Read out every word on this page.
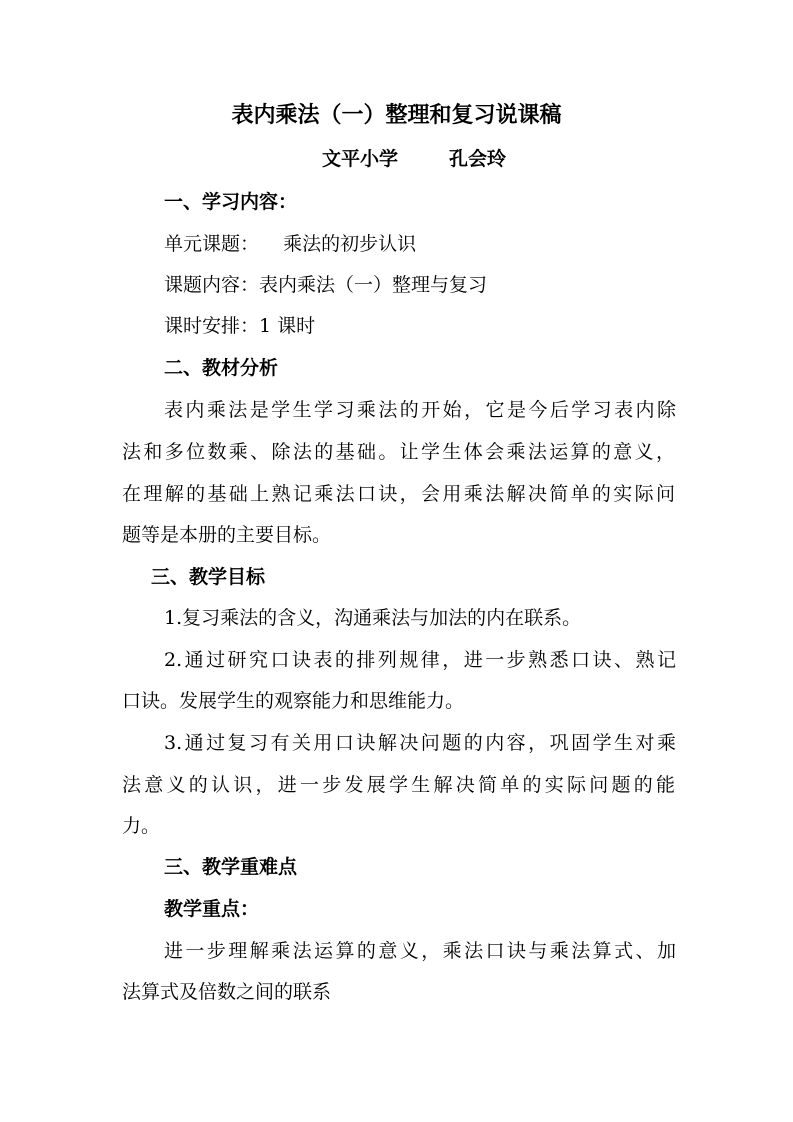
表内乘法（一）整理和复习说课稿
文平小学	孔会玲
一、学习内容：
单元课题： 乘法的初步认识
课题内容：表内乘法（一）整理与复习
课时安排：1 课时
二、教材分析
表内乘法是学生学习乘法的开始，它是今后学习表内除
法和多位数乘、除法的基础。让学生体会乘法运算的意义，
在理解的基础上熟记乘法口诀，会用乘法解决简单的实际问
题等是本册的主要目标。
三、教学目标
1.复习乘法的含义，沟通乘法与加法的内在联系。
2.通过研究口诀表的排列规律，进一步熟悉口诀、熟记
口诀。发展学生的观察能力和思维能力。
3.通过复习有关用口诀解决问题的内容，巩固学生对乘
法意义的认识，进一步发展学生解决简单的实际问题的能
力。
三、教学重难点
教学重点：
进一步理解乘法运算的意义，乘法口诀与乘法算式、加
法算式及倍数之间的联系
